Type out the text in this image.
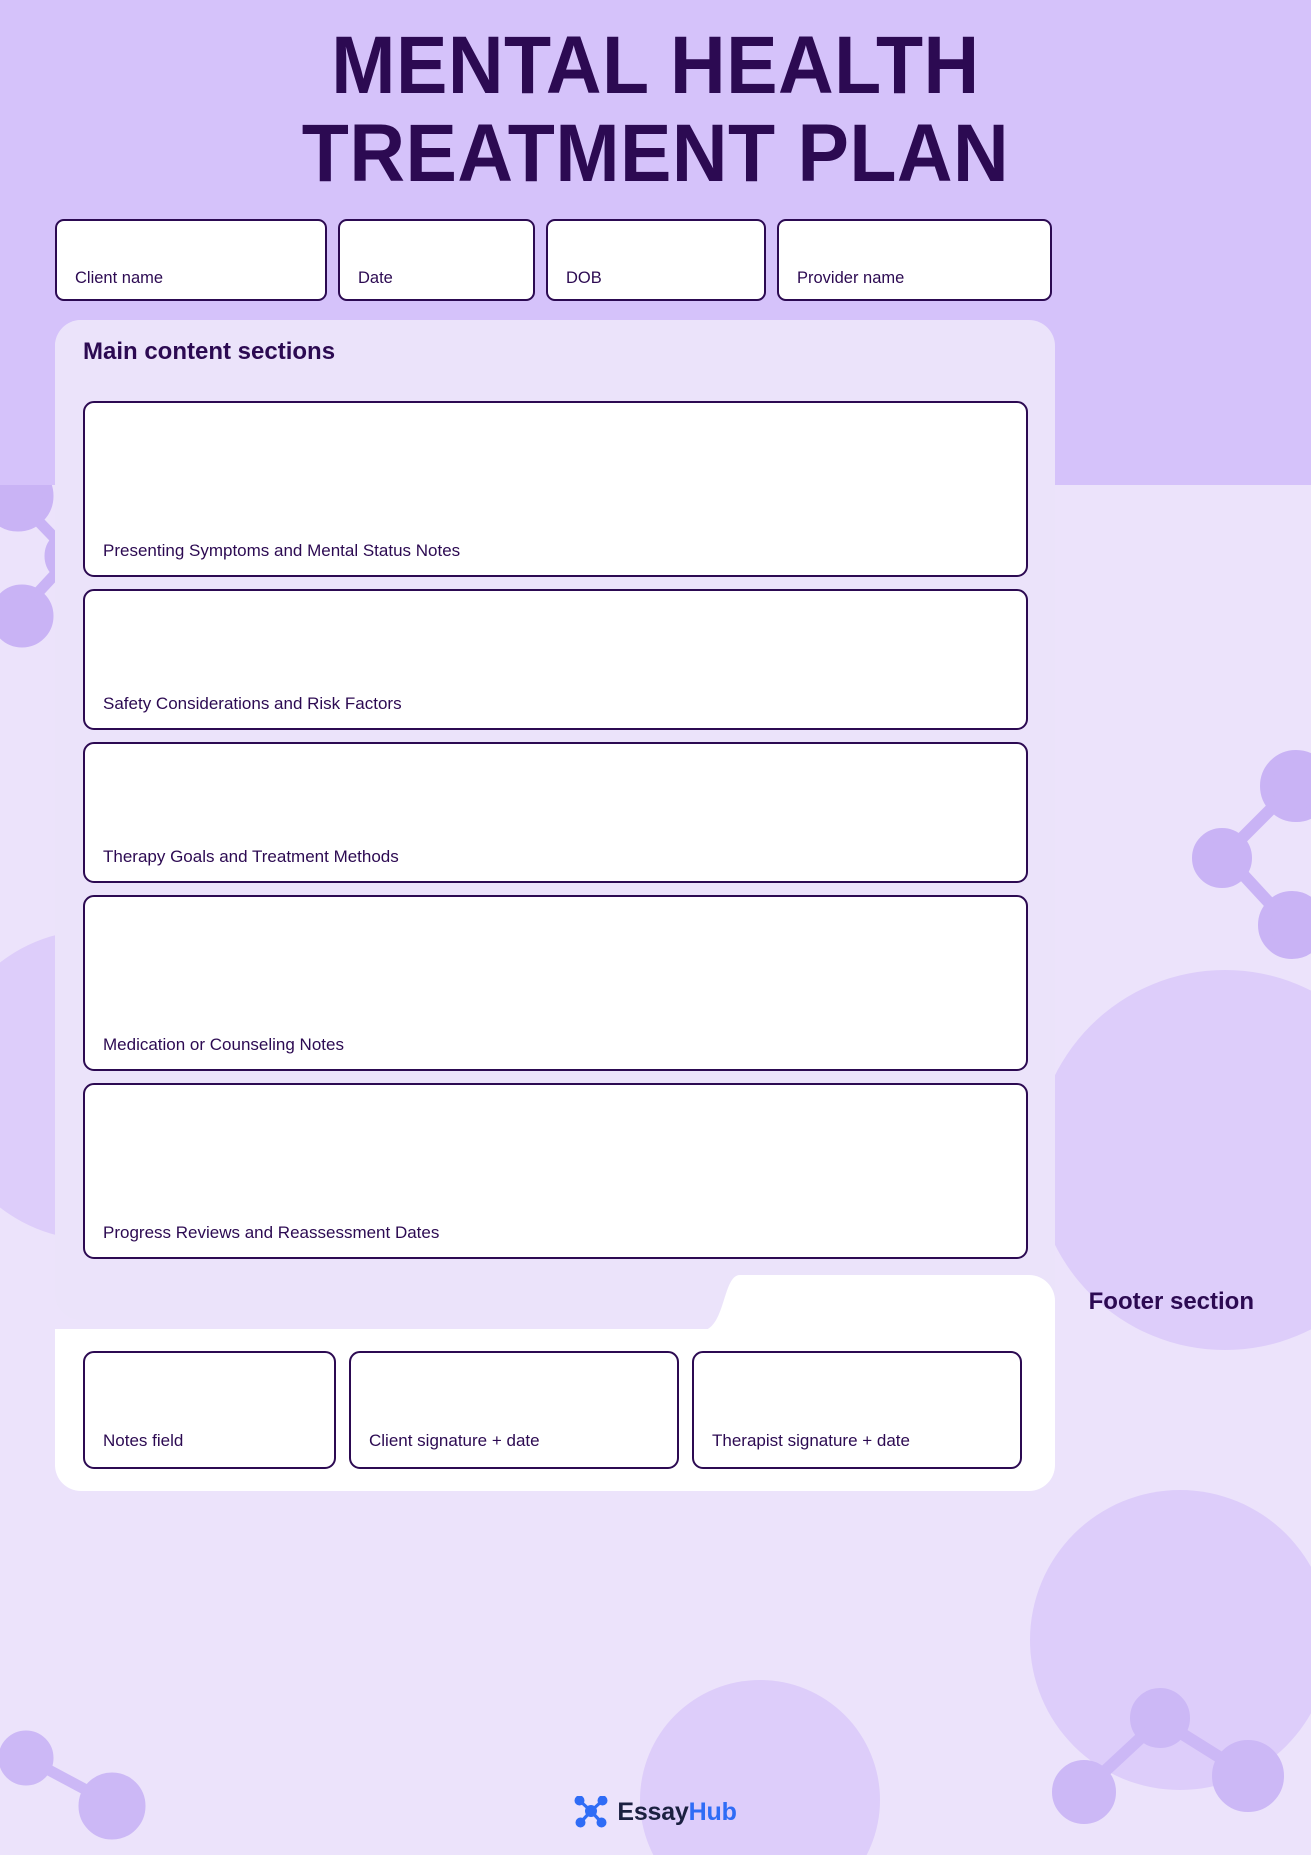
MENTAL HEALTH
TREATMENT PLAN
Client name	Date	DOB	Provider name
Main content sections
Presenting Symptoms and Mental Status Notes
Safety Considerations and Risk Factors
Therapy Goals and Treatment Methods
Medication or Counseling Notes
Progress Reviews and Reassessment Dates
Footer section
Notes field	Client signature + date	Therapist signature + date
EssayHub
